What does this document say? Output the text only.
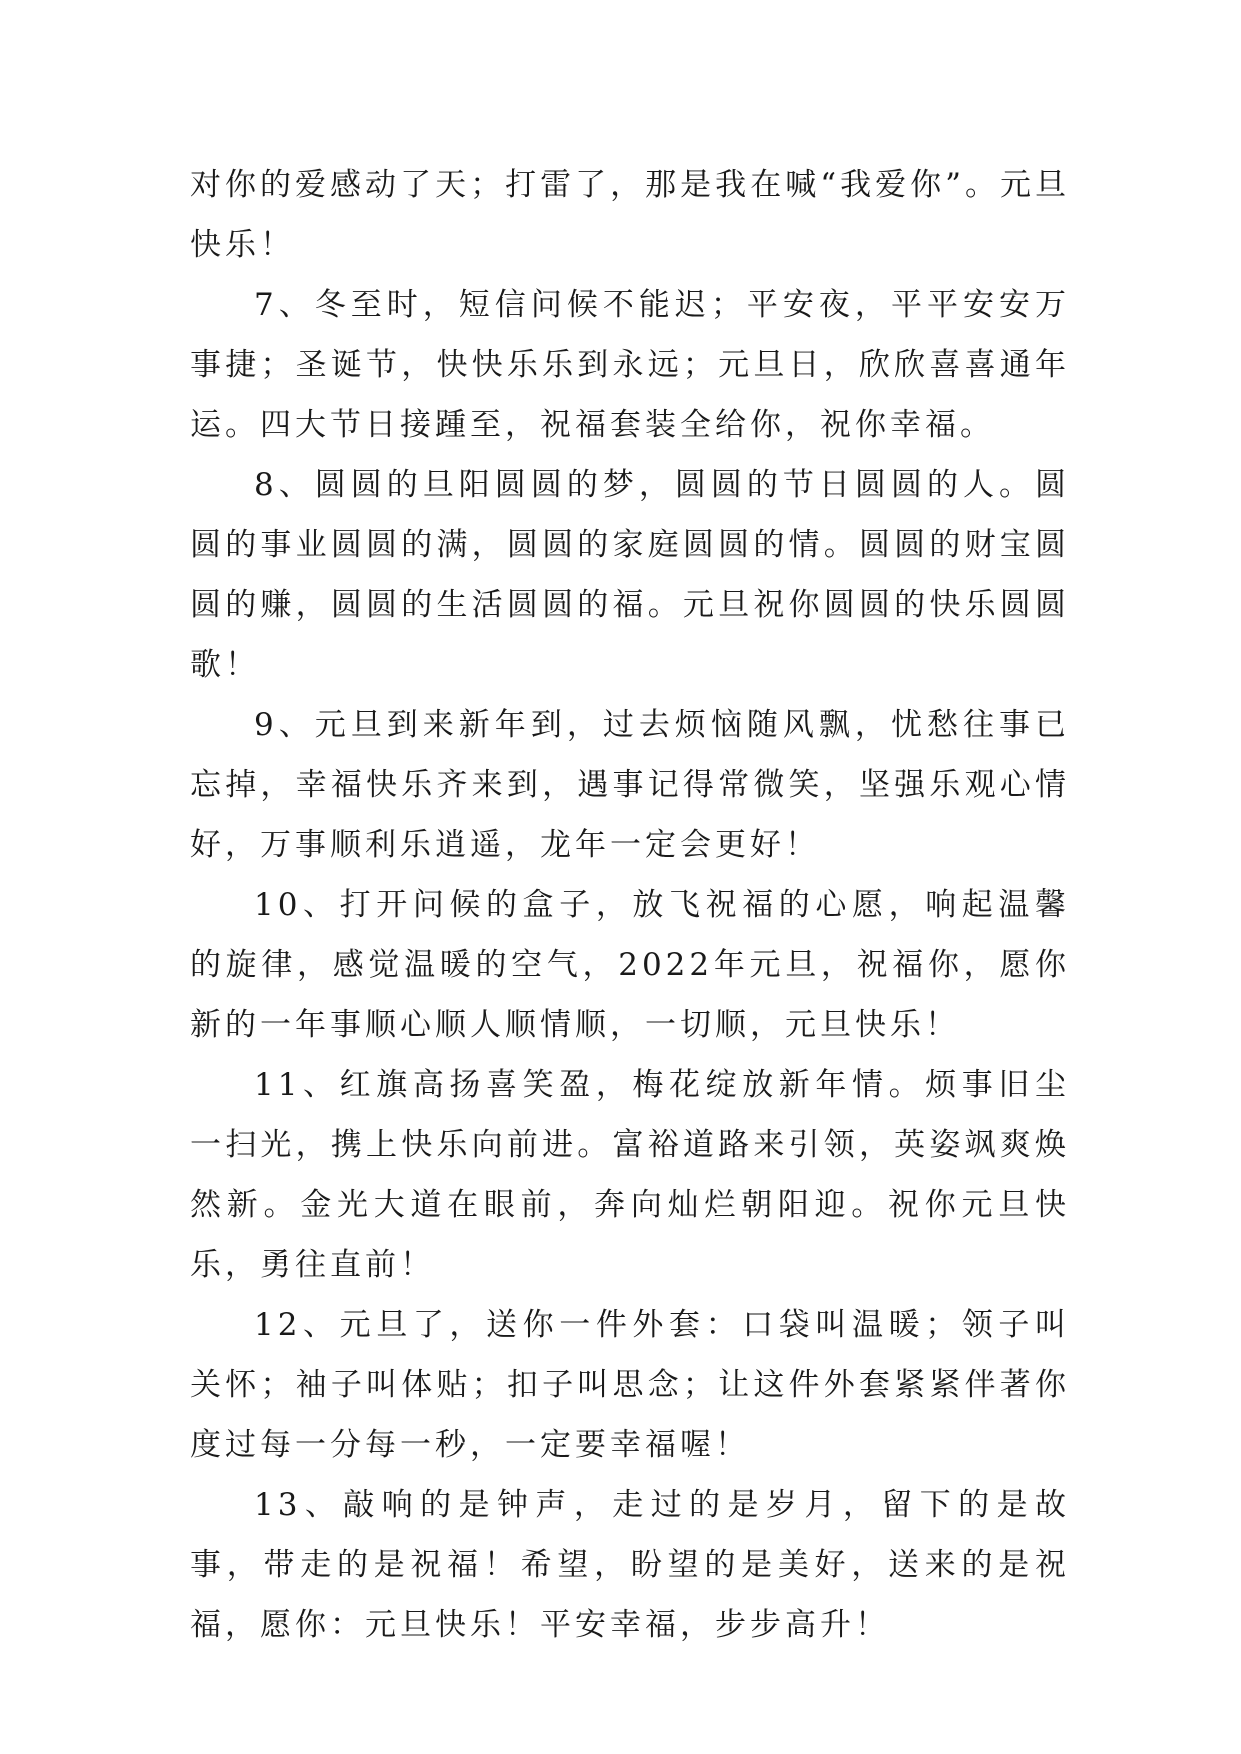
对你的爱感动了天；打雷了，那是我在喊“我爱你”。元旦快乐！

7、冬至时，短信问候不能迟；平安夜，平平安安万事捷；圣诞节，快快乐乐到永远；元旦日，欣欣喜喜通年运。四大节日接踵至，祝福套装全给你，祝你幸福。

8、圆圆的旦阳圆圆的梦，圆圆的节日圆圆的人。圆圆的事业圆圆的满，圆圆的家庭圆圆的情。圆圆的财宝圆圆的赚，圆圆的生活圆圆的福。元旦祝你圆圆的快乐圆圆歌！

9、元旦到来新年到，过去烦恼随风飘，忧愁往事已忘掉，幸福快乐齐来到，遇事记得常微笑，坚强乐观心情好，万事顺利乐逍遥，龙年一定会更好！

10、打开问候的盒子，放飞祝福的心愿，响起温馨的旋律，感觉温暖的空气，2022年元旦，祝福你，愿你新的一年事顺心顺人顺情顺，一切顺，元旦快乐！

11、红旗高扬喜笑盈，梅花绽放新年情。烦事旧尘一扫光，携上快乐向前进。富裕道路来引领，英姿飒爽焕然新。金光大道在眼前，奔向灿烂朝阳迎。祝你元旦快乐，勇往直前！

12、元旦了，送你一件外套：口袋叫温暖；领子叫关怀；袖子叫体贴；扣子叫思念；让这件外套紧紧伴著你度过每一分每一秒，一定要幸福喔！

13、敲响的是钟声，走过的是岁月，留下的是故事，带走的是祝福！希望，盼望的是美好，送来的是祝福，愿你：元旦快乐！平安幸福，步步高升！
